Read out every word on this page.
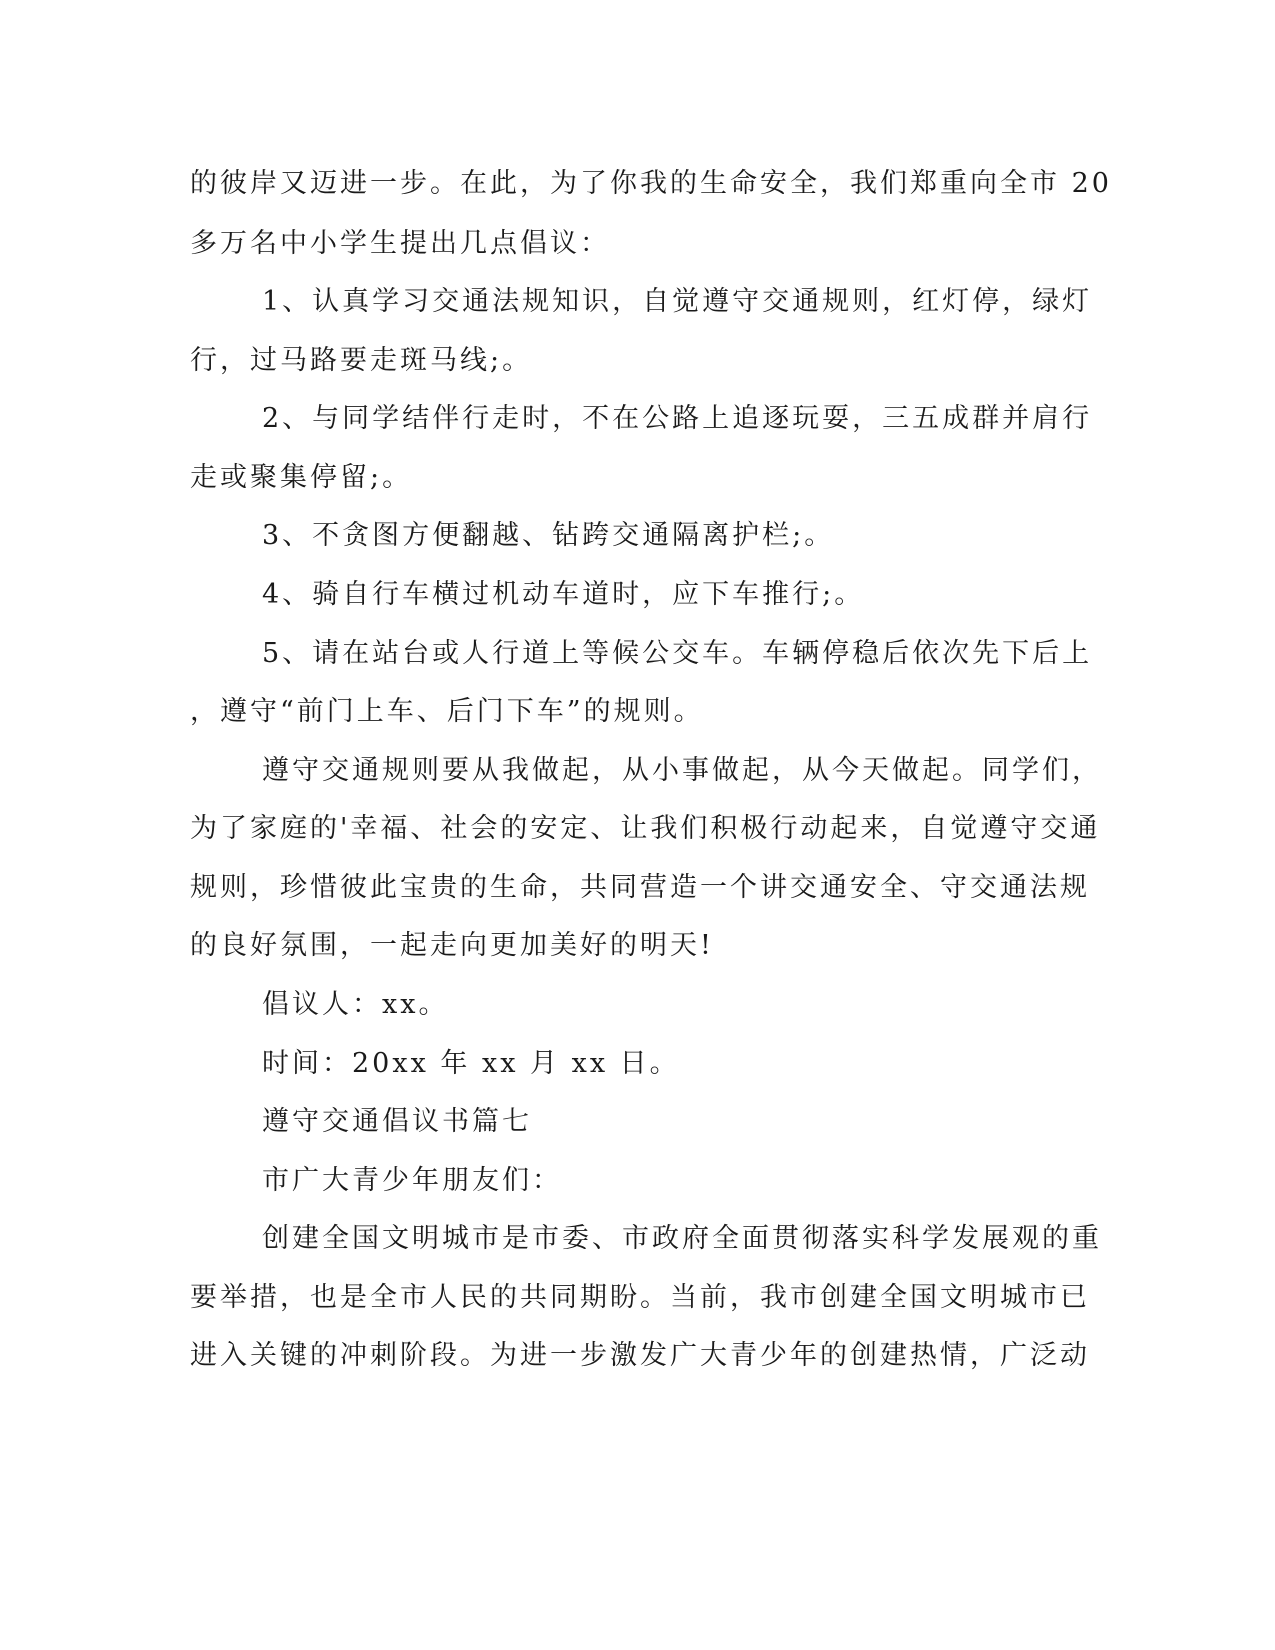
的彼岸又迈进一步。在此，为了你我的生命安全，我们郑重向全市 20
多万名中小学生提出几点倡议：
1、认真学习交通法规知识，自觉遵守交通规则，红灯停，绿灯
行，过马路要走斑马线;。
2、与同学结伴行走时，不在公路上追逐玩耍，三五成群并肩行
走或聚集停留;。
3、不贪图方便翻越、钻跨交通隔离护栏;。
4、骑自行车横过机动车道时，应下车推行;。
5、请在站台或人行道上等候公交车。车辆停稳后依次先下后上
，遵守“前门上车、后门下车”的规则。
遵守交通规则要从我做起，从小事做起，从今天做起。同学们，
为了家庭的'幸福、社会的安定、让我们积极行动起来，自觉遵守交通
规则，珍惜彼此宝贵的生命，共同营造一个讲交通安全、守交通法规
的良好氛围，一起走向更加美好的明天!
倡议人：xx。
时间：20xx 年 xx 月 xx 日。
遵守交通倡议书篇七
市广大青少年朋友们：
创建全国文明城市是市委、市政府全面贯彻落实科学发展观的重
要举措，也是全市人民的共同期盼。当前，我市创建全国文明城市已
进入关键的冲刺阶段。为进一步激发广大青少年的创建热情，广泛动
